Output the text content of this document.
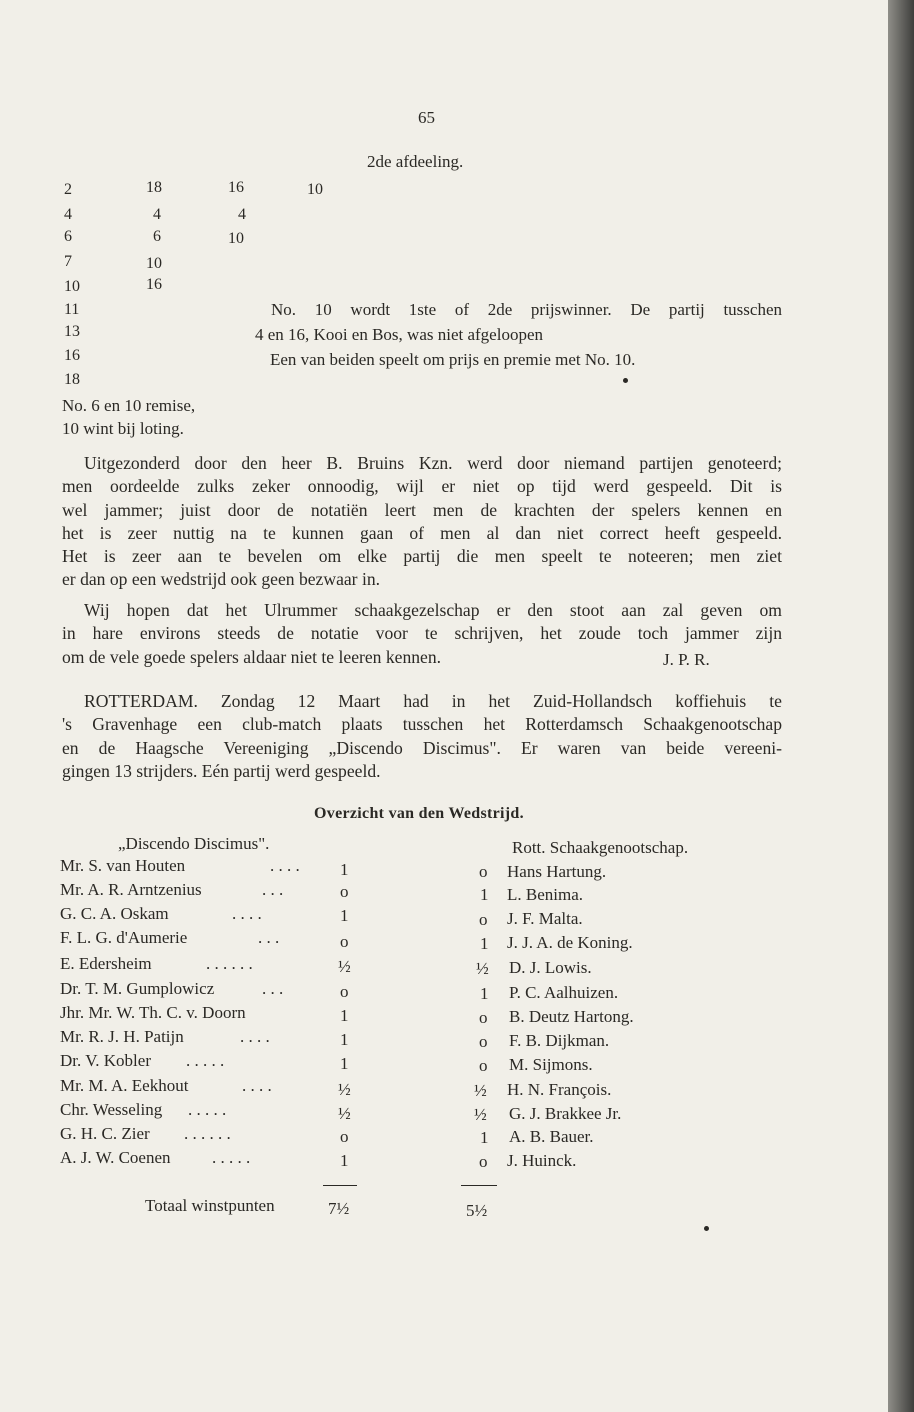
65
2de afdeeling.
2	18	16	10
4	4	4
6	6	10
7	10
10	16
11
13
16
18
No. 10 wordt 1ste of 2de prijswinner. De partij tusschen
4 en 16, Kooi en Bos, was niet afgeloopen
Een van beiden speelt om prijs en premie met No. 10.
No. 6 en 10 remise,
10 wint bij loting.
Uitgezonderd door den heer B. Bruins Kzn. werd door niemand partijen genoteerd;
men oordeelde zulks zeker onnoodig, wijl er niet op tijd werd gespeeld. Dit is
wel jammer; juist door de notatiën leert men de krachten der spelers kennen en
het is zeer nuttig na te kunnen gaan of men al dan niet correct heeft gespeeld.
Het is zeer aan te bevelen om elke partij die men speelt te noteeren; men ziet
er dan op een wedstrijd ook geen bezwaar in.
Wij hopen dat het Ulrummer schaakgezelschap er den stoot aan zal geven om
in hare environs steeds de notatie voor te schrijven, het zoude toch jammer zijn
om de vele goede spelers aldaar niet te leeren kennen.	J. P. R.
ROTTERDAM. Zondag 12 Maart had in het Zuid-Hollandsch koffiehuis te
's Gravenhage een club-match plaats tusschen het Rotterdamsch Schaakgenootschap
en de Haagsche Vereeniging „Discendo Discimus". Er waren van beide vereeni-
gingen 13 strijders. Eén partij werd gespeeld.
Overzicht van den Wedstrijd.
„Discendo Discimus".	Rott. Schaakgenootschap.
Mr. S. van Houten	. . . . 1	o Hans Hartung.
Mr. A. R. Arntzenius	. . .	o	1 L. Benima.
G. C. A. Oskam	. . . .	1	o J. F. Malta.
F. L. G. d'Aumerie	. . .	o	1 J. J. A. de Koning.
E. Edersheim	. . . . . .	½	½ D. J. Lowis.
Dr. T. M. Gumplowicz	. . .	o	1 P. C. Aalhuizen.
Jhr. Mr. W. Th. C. v. Doorn	1	o B. Deutz Hartong.
Mr. R. J. H. Patijn	. . . .	1	o F. B. Dijkman.
Dr. V. Kobler . . . . .	1	o M. Sijmons.
Mr. M. A. Eekhout	. . . .	½	½ H. N. François.
Chr. Wesseling . . . . .	½	½ G. J. Brakkee Jr.
G. H. C. Zier . . . . . .	o	1 A. B. Bauer.
A. J. W. Coenen . . . . .	1	o J. Huinck.
Totaal winstpunten	7½	5½
